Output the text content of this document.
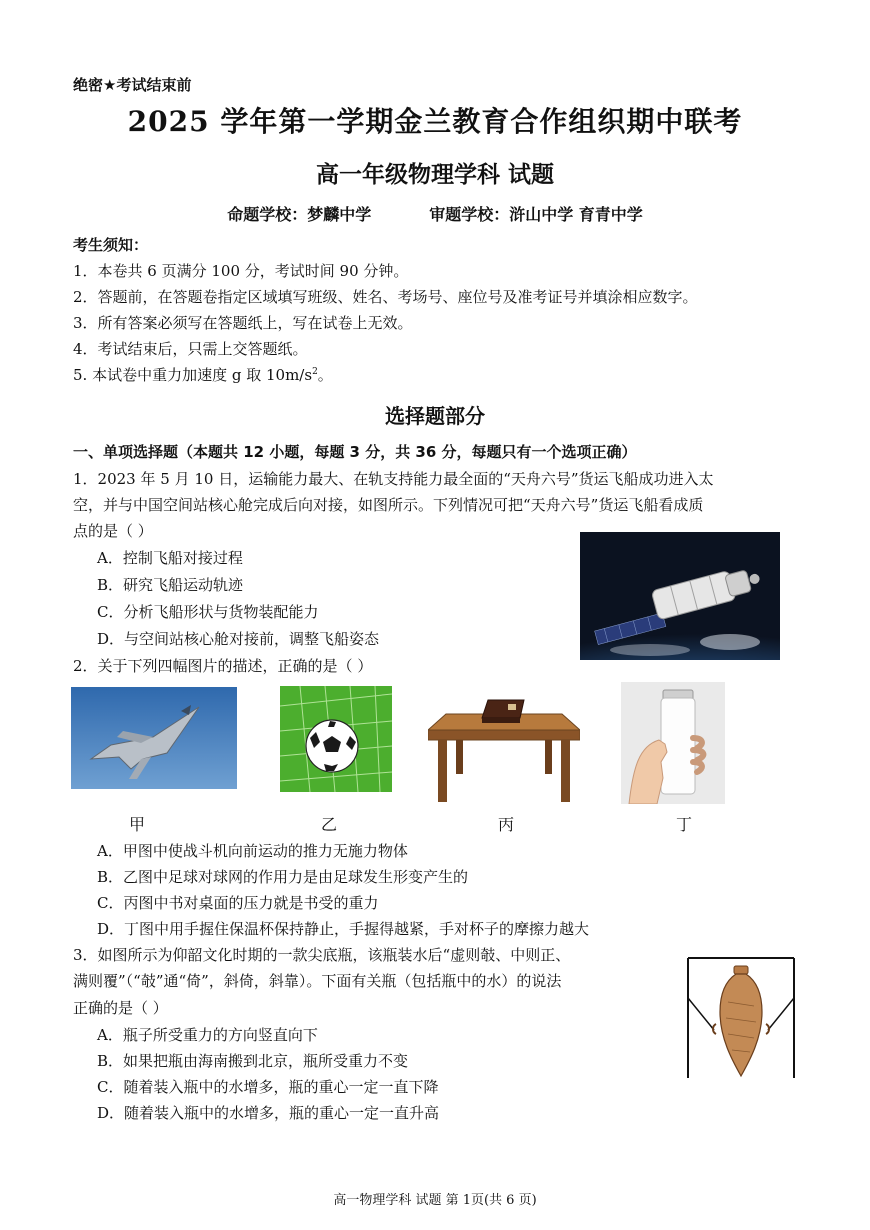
绝密★考试结束前
2025 学年第一学期金兰教育合作组织期中联考
高一年级物理学科 试题
命题学校：梦麟中学	审题学校：浒山中学 育青中学
考生须知：
1．本卷共 6 页满分 100 分，考试时间 90 分钟。
2．答题前，在答题卷指定区域填写班级、姓名、考场号、座位号及准考证号并填涂相应数字。
3．所有答案必须写在答题纸上，写在试卷上无效。
4．考试结束后，只需上交答题纸。
5. 本试卷中重力加速度 g 取 $10m/s^2$。
选择题部分
一、单项选择题（本题共 12 小题，每题 3 分，共 36 分，每题只有一个选项正确）
1．2023 年 5 月 10 日，运输能力最大、在轨支持能力最全面的“天舟六号”货运飞船成功进入太
空，并与中国空间站核心舱完成后向对接，如图所示。下列情况可把“天舟六号”货运飞船看成质
点的是（ ）
A．控制飞船对接过程
B．研究飞船运动轨迹
C．分析飞船形状与货物装配能力
D．与空间站核心舱对接前，调整飞船姿态
2．关于下列四幅图片的描述，正确的是（ ）
甲	乙	丙	丁
A．甲图中使战斗机向前运动的推力无施力物体
B．乙图中足球对球网的作用力是由足球发生形变产生的
C．丙图中书对桌面的压力就是书受的重力
D．丁图中用手握住保温杯保持静止，手握得越紧，手对杯子的摩擦力越大
3．如图所示为仰韶文化时期的一款尖底瓶，该瓶装水后“虚则攲、中则正、
满则覆”（“攲”通“倚”，斜倚，斜靠）。下面有关瓶（包括瓶中的水）的说法
正确的是（ ）
A．瓶子所受重力的方向竖直向下
B．如果把瓶由海南搬到北京，瓶所受重力不变
C．随着装入瓶中的水增多，瓶的重心一定一直下降
D．随着装入瓶中的水增多，瓶的重心一定一直升高
高一物理学科 试题 第 1页(共 6 页)
